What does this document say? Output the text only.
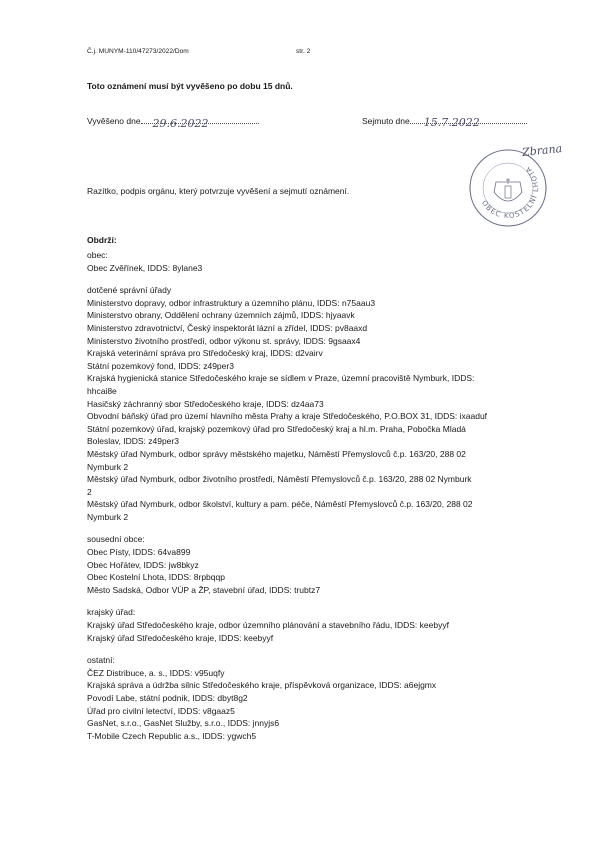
Č.j. MUNYM-110/47273/2022/Dom	str. 2
Toto oznámení musí být vyvěšeno po dobu 15 dnů.
Vyvěšeno dne 29.6.2022	Sejmuto dne 15.7.2022
OBEC KOSTELNÍ LHOTA
Zbrana
Razítko, podpis orgánu, který potvrzuje vyvěšení a sejmutí oznámení.
Obdrží:
obec:
Obec Zvěřínek, IDDS: 8ylane3
dotčené správní úřady
Ministerstvo dopravy, odbor infrastruktury a územního plánu, IDDS: n75aau3
Ministerstvo obrany, Oddělení ochrany územních zájmů, IDDS: hjyaavk
Ministerstvo zdravotnictví, Český inspektorát lázní a zřídel, IDDS: pv8aaxd
Ministerstvo životního prostředí, odbor výkonu st. správy, IDDS: 9gsaax4
Krajská veterinární správa pro Středočeský kraj, IDDS: d2vairv
Státní pozemkový fond, IDDS: z49per3
Krajská hygienická stanice Středočeského kraje se sídlem v Praze, územní pracoviště Nymburk, IDDS:
hhcai8e
Hasičský záchranný sbor Středočeského kraje, IDDS: dz4aa73
Obvodní báňský úřad pro území hlavního města Prahy a kraje Středočeského, P.O.BOX 31, IDDS: ixaaduf
Státní pozemkový úřad, krajský pozemkový úřad pro Středočeský kraj a hl.m. Praha, Pobočka Mladá
Boleslav, IDDS: z49per3
Městský úřad Nymburk, odbor správy městského majetku, Náměstí Přemyslovců č.p. 163/20, 288 02
Nymburk 2
Městský úřad Nymburk, odbor životního prostředí, Náměstí Přemyslovců č.p. 163/20, 288 02 Nymburk
2
Městský úřad Nymburk, odbor školství, kultury a pam. péče, Náměstí Přemyslovců č.p. 163/20, 288 02
Nymburk 2
sousední obce:
Obec Písty, IDDS: 64va899
Obec Hořátev, IDDS: jw8bkyz
Obec Kostelní Lhota, IDDS: 8rpbqqp
Město Sadská, Odbor VÚP a ŽP, stavební úřad, IDDS: trubtz7
krajský úřad:
Krajský úřad Středočeského kraje, odbor územního plánování a stavebního řádu, IDDS: keebyyf
Krajský úřad Středočeského kraje, IDDS: keebyyf
ostatní:
ČEZ Distribuce, a. s., IDDS: v95uqfy
Krajská správa a údržba silnic Středočeského kraje, příspěvková organizace, IDDS: a6ejgmx
Povodí Labe, státní podnik, IDDS: dbyt8g2
Úřad pro civilní letectví, IDDS: v8gaaz5
GasNet, s.r.o., GasNet Služby, s.r.o., IDDS: jnnyjs6
T-Mobile Czech Republic a.s., IDDS: ygwch5
